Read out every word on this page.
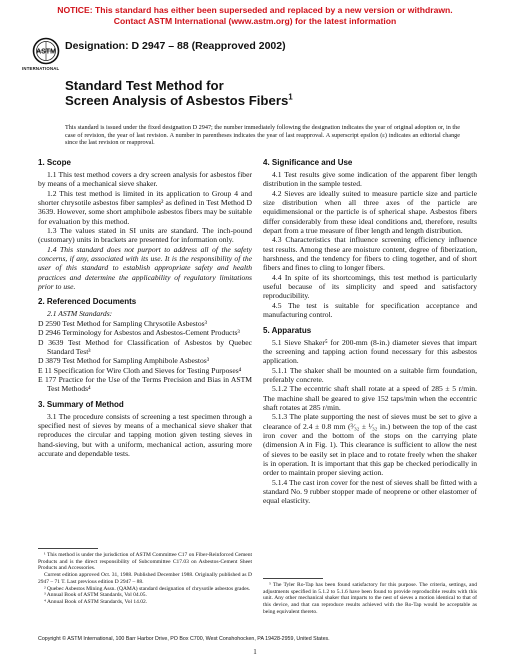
NOTICE: This standard has either been superseded and replaced by a new version or withdrawn.
Contact ASTM International (www.astm.org) for the latest information
ASTM
INTERNATIONAL
Designation: D 2947 – 88 (Reapproved 2002)
Standard Test Method for
Screen Analysis of Asbestos Fibers$^1$
This standard is issued under the fixed designation D 2947; the number immediately following the designation indicates the year of original adoption or, in the case of revision, the year of last revision. A number in parentheses indicates the year of last reapproval. A superscript epsilon (ε) indicates an editorial change since the last revision or reapproval.
1. Scope

1.1 This test method covers a dry screen analysis for asbestos fiber by means of a mechanical sieve shaker.

1.2 This test method is limited in its application to Group 4 and shorter chrysotile asbestos fiber samples² as defined in Test Method D 3639. However, some short amphibole asbestos fibers may be suitable for evaluation by this method.

1.3 The values stated in SI units are standard. The inch-pound (customary) units in brackets are presented for information only.

1.4 This standard does not purport to address all of the safety concerns, if any, associated with its use. It is the responsibility of the user of this standard to establish appropriate safety and health practices and determine the applicability of regulatory limitations prior to use.

2. Referenced Documents

2.1 ASTM Standards:

D 2590 Test Method for Sampling Chrysotile Asbestos³

D 2946 Terminology for Asbestos and Asbestos-Cement Products³

D 3639 Test Method for Classification of Asbestos by Quebec Standard Test³

D 3879 Test Method for Sampling Amphibole Asbestos³

E 11 Specification for Wire Cloth and Sieves for Testing Purposes⁴

E 177 Practice for the Use of the Terms Precision and Bias in ASTM Test Methods⁴

3. Summary of Method

3.1 The procedure consists of screening a test specimen through a specified nest of sieves by means of a mechanical sieve shaker that reproduces the circular and tapping motion given testing sieves in hand-sieving, but with a uniform, mechanical action, assuring more accurate and dependable tests.

4. Significance and Use

4.1 Test results give some indication of the apparent fiber length distribution in the sample tested.

4.2 Sieves are ideally suited to measure particle size and particle size distribution when all three axes of the particle are equidimensional or the particle is of spherical shape. Asbestos fibers differ considerably from these ideal conditions and, therefore, results depart from a true measure of fiber length and length distribution.

4.3 Characteristics that influence screening efficiency influence test results. Among these are moisture content, degree of fiberization, harshness, and the tendency for fibers to cling together, and of short fibers and fines to cling to longer fibers.

4.4 In spite of its shortcomings, this test method is particularly useful because of its simplicity and speed and satisfactory reproducibility.

4.5 The test is suitable for specification acceptance and manufacturing control.

5. Apparatus

5.1 Sieve Shaker⁵ for 200-mm (8-in.) diameter sieves that impart the screening and tapping action found necessary for this asbestos application.

5.1.1 The shaker shall be mounted on a suitable firm foundation, preferably concrete.

5.1.2 The eccentric shaft shall rotate at a speed of 285 ± 5 r/min. The machine shall be geared to give 152 taps/min when the eccentric shaft rotates at 285 r/min.

5.1.3 The plate supporting the nest of sieves must be set to give a clearance of 2.4 ± 0.8 mm (³⁄₃₂ ± ¹⁄₃₂ in.) between the top of the cast iron cover and the bottom of the stops on the carrying plate (dimension A in Fig. 1). This clearance is sufficient to allow the nest of sieves to be easily set in place and to rotate freely when the shaker is in operation. It is important that this gap be checked periodically in order to maintain proper sieving action.

5.1.4 The cast iron cover for the nest of sieves shall be fitted with a standard No. 9 rubber stopper made of neoprene or other elastomer of equal elasticity.

¹ This method is under the jurisdiction of ASTM Committee C17 on Fiber-Reinforced Cement Products and is the direct responsibility of Subcommittee C17.03 on Asbestos-Cement Sheet Products and Accessories.

Current edition approved Oct. 31, 1988. Published December 1988. Originally published as D 2947 – 71 T. Last previous edition D 2947 – 88.

² Quebec Asbestos Mining Assn. (QAMA) standard designation of chrysotile asbestos grades.

³ Annual Book of ASTM Standards, Vol 04.05.

⁴ Annual Book of ASTM Standards, Vol 14.02.

⁵ The Tyler Ro-Tap has been found satisfactory for this purpose. The criteria, settings, and adjustments specified in 5.1.2 to 5.1.6 have been found to provide reproducible results with this unit. Any other mechanical shaker that imparts to the nest of sieves a motion identical to that of this device, and that can reproduce results achieved with the Ro-Tap would be acceptable as being equivalent thereto.

Copyright © ASTM International, 100 Barr Harbor Drive, PO Box C700, West Conshohocken, PA 19428-2959, United States.
1
